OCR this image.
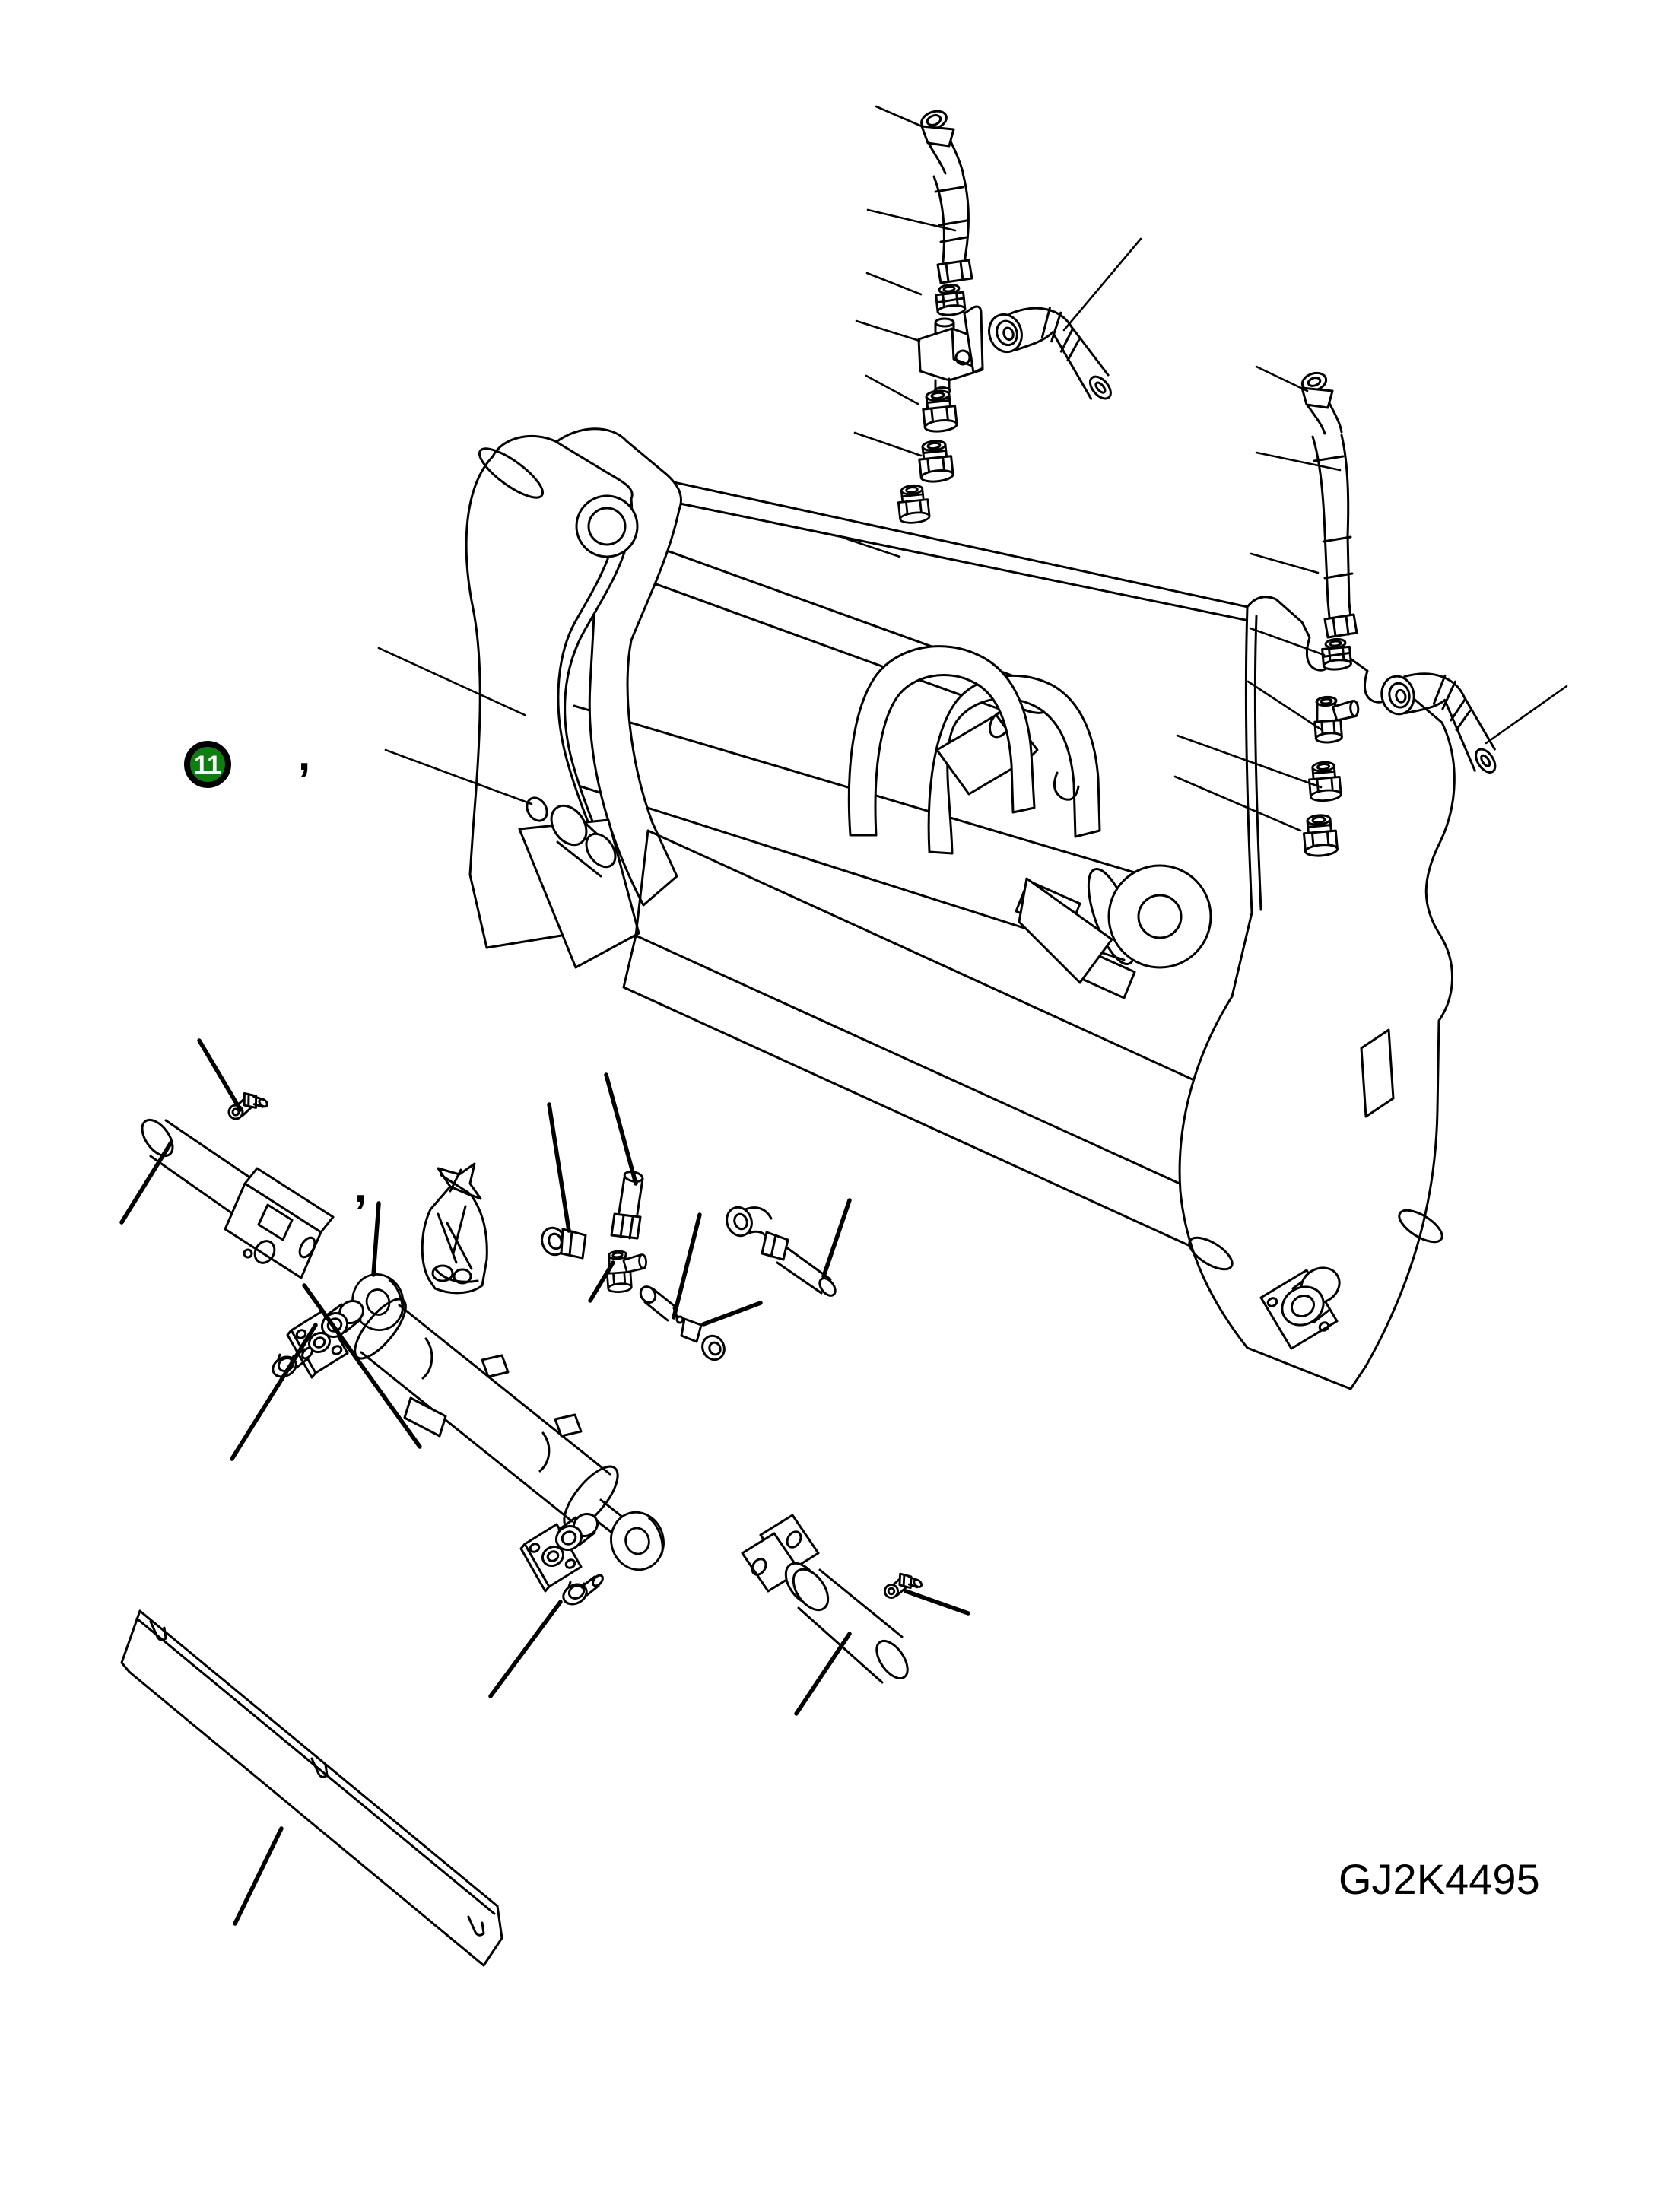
11 ,
,
GJ2K4495
